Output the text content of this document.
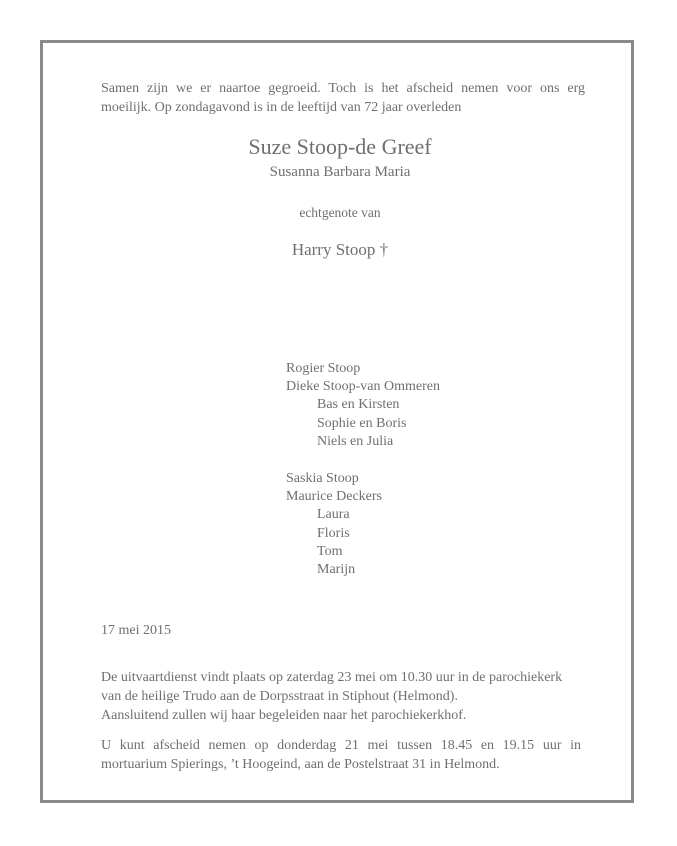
Samen zijn we er naartoe gegroeid. Toch is het afscheid nemen voor ons erg
moeilijk. Op zondagavond is in de leeftijd van 72 jaar overleden
Suze Stoop-de Greef
Susanna Barbara Maria
echtgenote van
Harry Stoop †
Rogier Stoop
Dieke Stoop-van Ommeren
Bas en Kirsten
Sophie en Boris
Niels en Julia
Saskia Stoop
Maurice Deckers
Laura
Floris
Tom
Marijn
17 mei 2015
De uitvaartdienst vindt plaats op zaterdag 23 mei om 10.30 uur in de parochiekerk
van de heilige Trudo aan de Dorpsstraat in Stiphout (Helmond).
Aansluitend zullen wij haar begeleiden naar het parochiekerkhof.
U kunt afscheid nemen op donderdag 21 mei tussen 18.45 en 19.15 uur in
mortuarium Spierings, ’t Hoogeind, aan de Postelstraat 31 in Helmond.
